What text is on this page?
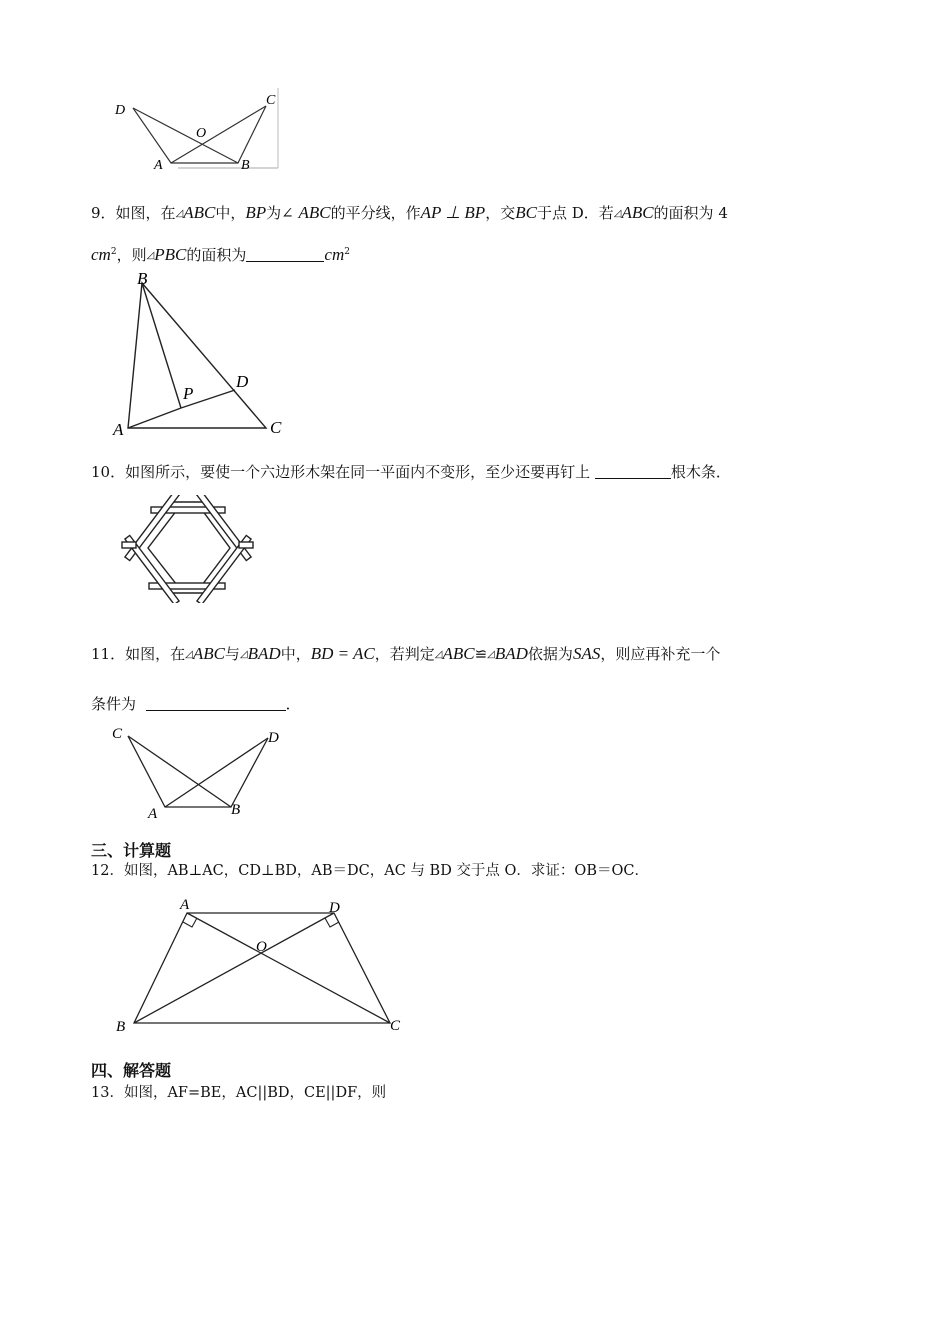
D
C
O
A	B
9．如图，在◿ABC中，BP为∠ ABC的平分线，作AP ⊥ BP，交BC于点 D．若◿ABC的面积为 4
$cm^2$，则◿PBC的面积为	$cm^2$
B
P
D
A	C
10．如图所示，要使一个六边形木架在同一平面内不变形，至少还要再钉上	根木条．
11．如图，在◿ABC与◿BAD中，BD = AC，若判定◿ABC≌◿BAD依据为SAS，则应再补充一个
条件为	．
C	D
A	B
三、计算题
12．如图，AB⊥AC，CD⊥BD，AB＝DC，AC 与 BD 交于点 O．求证：OB＝OC．
A	D
O
B	C
四、解答题
13．如图，AF=BE，AC||BD，CE||DF，则
